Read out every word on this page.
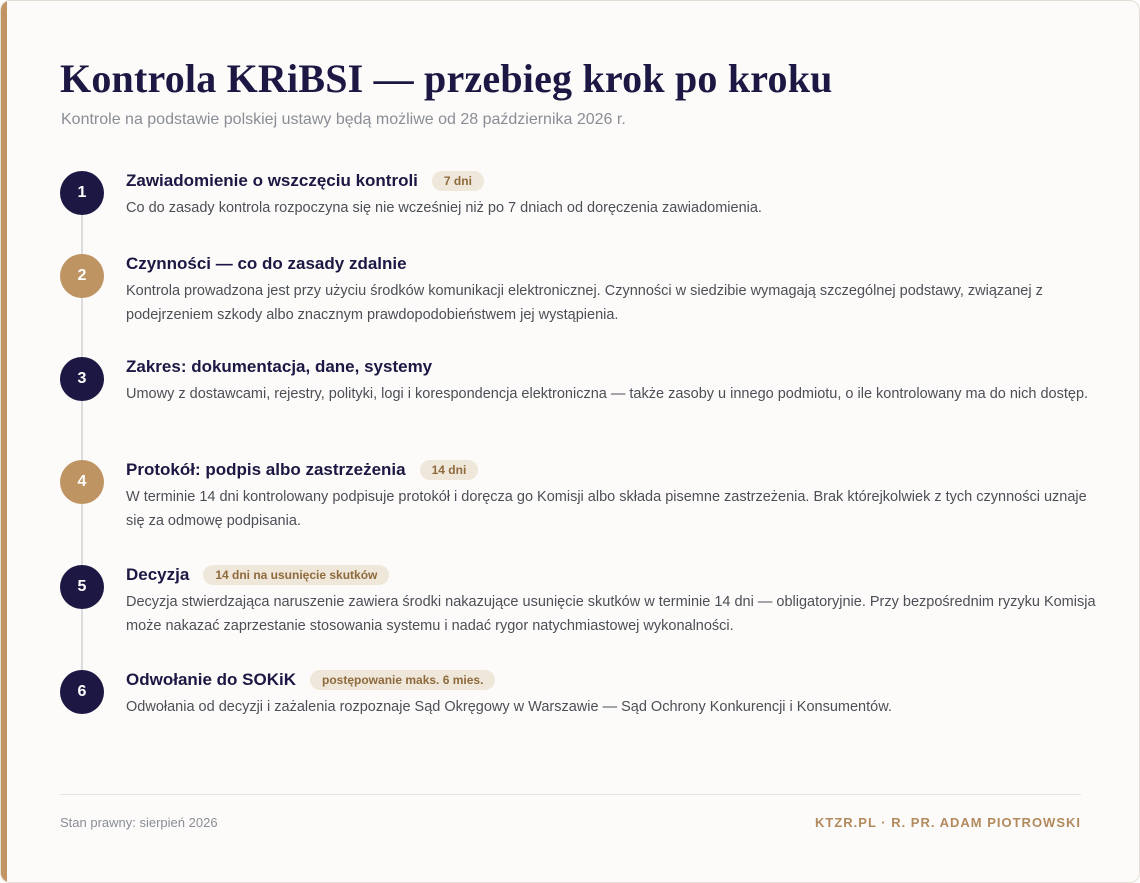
Kontrola KRiBSI — przebieg krok po kroku

Kontrole na podstawie polskiej ustawy będą możliwe od 28 października 2026 r.

1
Zawiadomienie o wszczęciu kontroli	7 dni

Co do zasady kontrola rozpoczyna się nie wcześniej niż po 7 dniach od doręczenia zawiadomienia.

2
Czynności — co do zasady zdalnie

Kontrola prowadzona jest przy użyciu środków komunikacji elektronicznej. Czynności w siedzibie wymagają szczególnej podstawy, związanej z podejrzeniem szkody albo znacznym prawdopodobieństwem jej wystąpienia.

3
Zakres: dokumentacja, dane, systemy

Umowy z dostawcami, rejestry, polityki, logi i korespondencja elektroniczna — także zasoby u innego podmiotu, o ile kontrolowany ma do nich dostęp.

4
Protokół: podpis albo zastrzeżenia	14 dni

W terminie 14 dni kontrolowany podpisuje protokół i doręcza go Komisji albo składa pisemne zastrzeżenia. Brak którejkolwiek z tych czynności uznaje się za odmowę podpisania.

5
Decyzja	14 dni na usunięcie skutków

Decyzja stwierdzająca naruszenie zawiera środki nakazujące usunięcie skutków w terminie 14 dni — obligatoryjnie. Przy bezpośrednim ryzyku Komisja może nakazać zaprzestanie stosowania systemu i nadać rygor natychmiastowej wykonalności.

6
Odwołanie do SOKiK	postępowanie maks. 6 mies.

Odwołania od decyzji i zażalenia rozpoznaje Sąd Okręgowy w Warszawie — Sąd Ochrony Konkurencji i Konsumentów.

Stan prawny: sierpień 2026	KTZR.PL · R. PR. ADAM PIOTROWSKI
